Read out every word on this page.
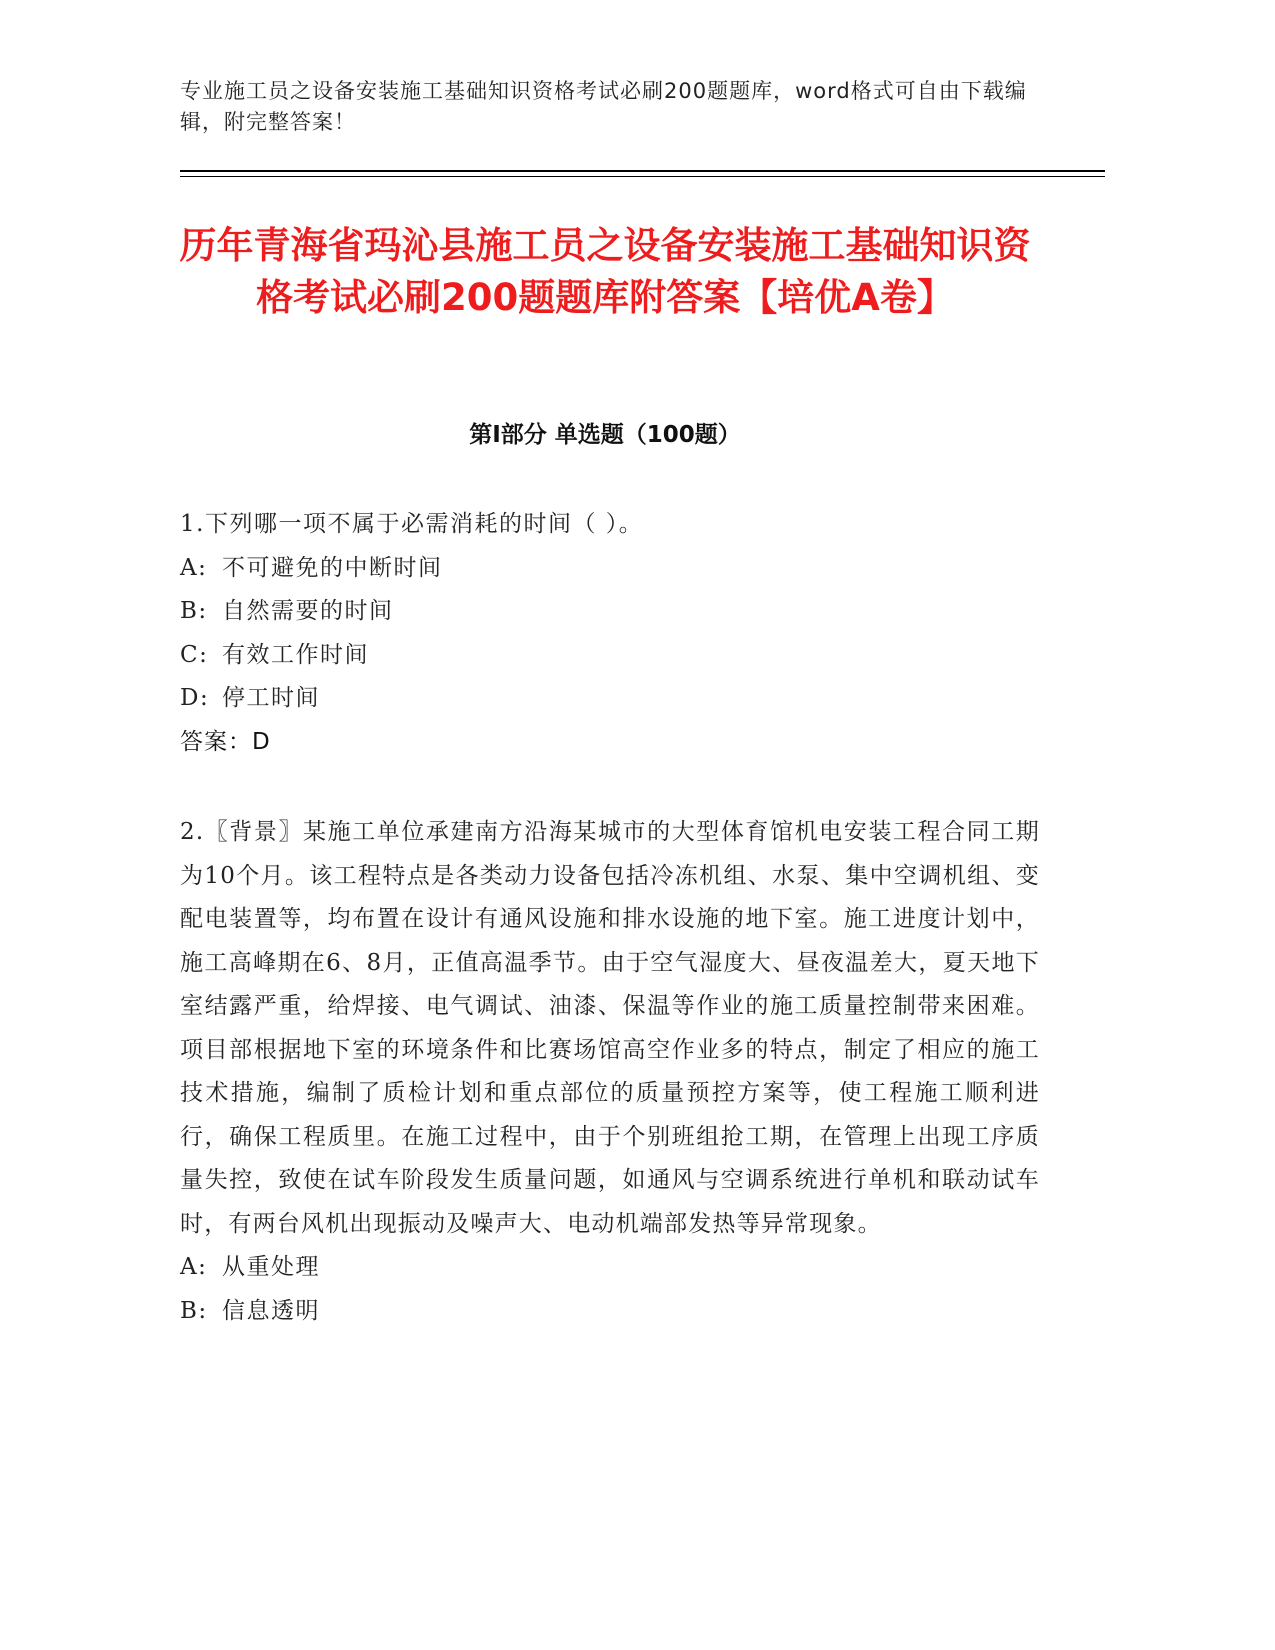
专业施工员之设备安装施工基础知识资格考试必刷200题题库，word格式可自由下载编辑，附完整答案！
历年青海省玛沁县施工员之设备安装施工基础知识资格考试必刷200题题库附答案【培优A卷】
第Ⅰ部分 单选题（100题）
1.下列哪一项不属于必需消耗的时间（ ）。
A: 不可避免的中断时间
B: 自然需要的时间
C: 有效工作时间
D: 停工时间
答案：D
2.〖背景〗某施工单位承建南方沿海某城市的大型体育馆机电安装工程合同工期为10个月。该工程特点是各类动力设备包括冷冻机组、水泵、集中空调机组、变配电装置等，均布置在设计有通风设施和排水设施的地下室。施工进度计划中，施工高峰期在6、8月，正值高温季节。由于空气湿度大、昼夜温差大，夏天地下室结露严重，给焊接、电气调试、油漆、保温等作业的施工质量控制带来困难。项目部根据地下室的环境条件和比赛场馆高空作业多的特点，制定了相应的施工技术措施，编制了质检计划和重点部位的质量预控方案等，使工程施工顺利进行，确保工程质里。在施工过程中，由于个别班组抢工期，在管理上出现工序质量失控，致使在试车阶段发生质量问题，如通风与空调系统进行单机和联动试车时，有两台风机出现振动及噪声大、电动机端部发热等异常现象。
A: 从重处理
B: 信息透明
